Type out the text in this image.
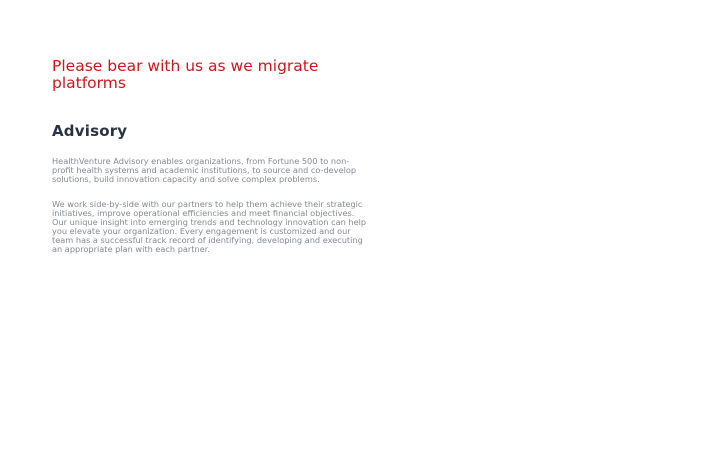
Please bear with us as we migrate platforms
Advisory

HealthVenture Advisory enables organizations, from Fortune 500 to non-profit health systems and academic institutions, to source and co-develop solutions, build innovation capacity and solve complex problems.

We work side-by-side with our partners to help them achieve their strategic initiatives, improve operational efficiencies and meet financial objectives. Our unique insight into emerging trends and technology innovation can help you elevate your organization. Every engagement is customized and our team has a successful track record of identifying, developing and executing an appropriate plan with each partner.
